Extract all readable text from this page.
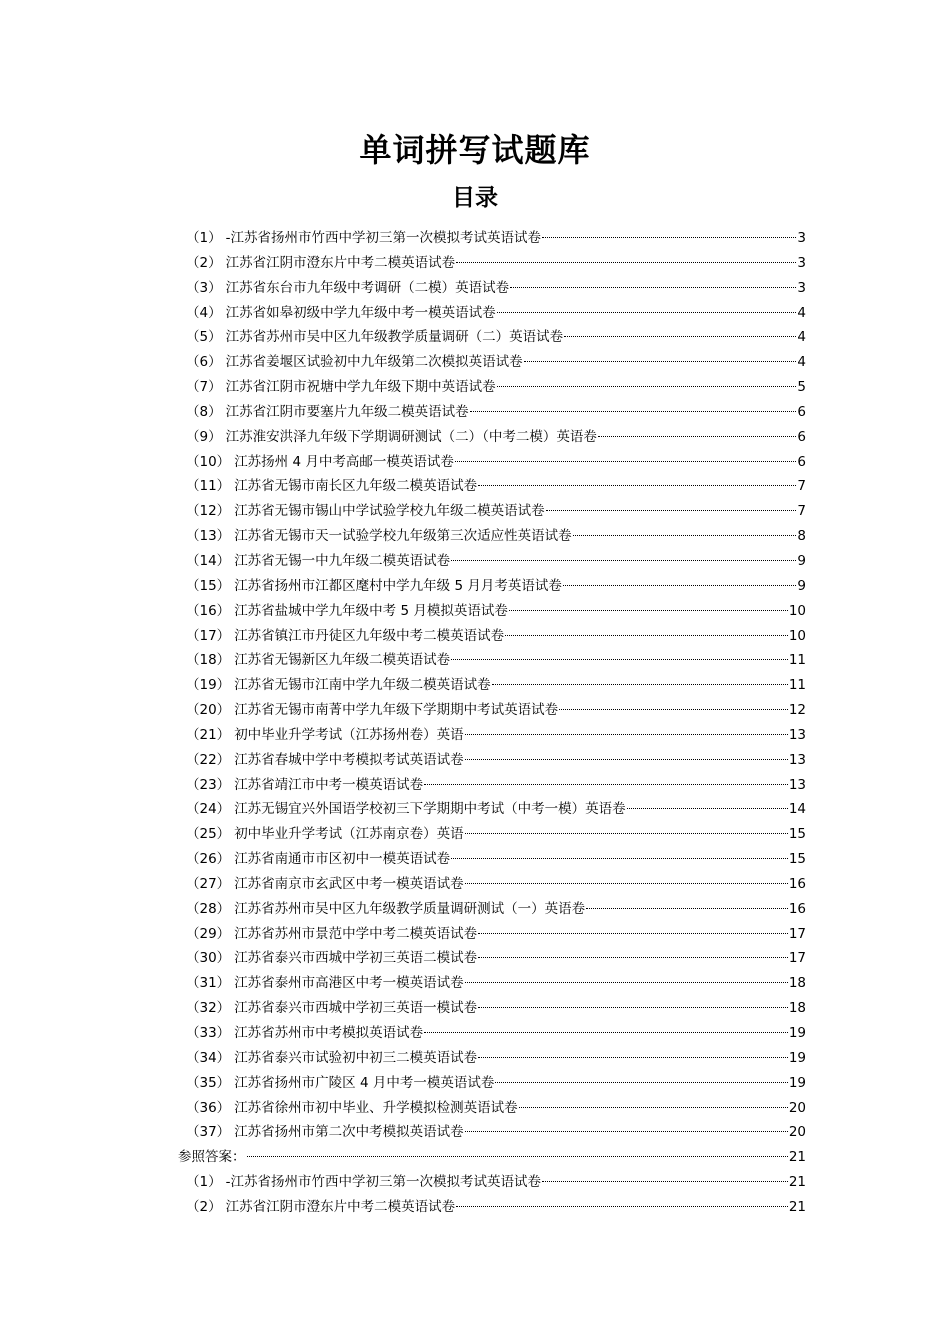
单词拼写试题库
目录
（1） -江苏省扬州市竹西中学初三第一次模拟考试英语试卷	3
（2） 江苏省江阴市澄东片中考二模英语试卷	3
（3） 江苏省东台市九年级中考调研（二模）英语试卷	3
（4） 江苏省如皋初级中学九年级中考一模英语试卷	4
（5） 江苏省苏州市吴中区九年级教学质量调研（二）英语试卷	4
（6） 江苏省姜堰区试验初中九年级第二次模拟英语试卷	4
（7） 江苏省江阴市祝塘中学九年级下期中英语试卷	5
（8） 江苏省江阴市要塞片九年级二模英语试卷	6
（9） 江苏淮安洪泽九年级下学期调研测试（二）（中考二模）英语卷	6
（10） 江苏扬州 4 月中考高邮一模英语试卷	6
（11） 江苏省无锡市南长区九年级二模英语试卷	7
（12） 江苏省无锡市锡山中学试验学校九年级二模英语试卷	7
（13） 江苏省无锡市天一试验学校九年级第三次适应性英语试卷	8
（14） 江苏省无锡一中九年级二模英语试卷	9
（15） 江苏省扬州市江都区麾村中学九年级 5 月月考英语试卷	9
（16） 江苏省盐城中学九年级中考 5 月模拟英语试卷	10
（17） 江苏省镇江市丹徒区九年级中考二模英语试卷	10
（18） 江苏省无锡新区九年级二模英语试卷	11
（19） 江苏省无锡市江南中学九年级二模英语试卷	11
（20） 江苏省无锡市南菁中学九年级下学期期中考试英语试卷	12
（21） 初中毕业升学考试（江苏扬州卷）英语	13
（22） 江苏省春城中学中考模拟考试英语试卷	13
（23） 江苏省靖江市中考一模英语试卷	13
（24） 江苏无锡宜兴外国语学校初三下学期期中考试（中考一模）英语卷	14
（25） 初中毕业升学考试（江苏南京卷）英语	15
（26） 江苏省南通市市区初中一模英语试卷	15
（27） 江苏省南京市玄武区中考一模英语试卷	16
（28） 江苏省苏州市吴中区九年级教学质量调研测试（一）英语卷	16
（29） 江苏省苏州市景范中学中考二模英语试卷	17
（30） 江苏省泰兴市西城中学初三英语二模试卷	17
（31） 江苏省泰州市高港区中考一模英语试卷	18
（32） 江苏省泰兴市西城中学初三英语一模试卷	18
（33） 江苏省苏州市中考模拟英语试卷	19
（34） 江苏省泰兴市试验初中初三二模英语试卷	19
（35） 江苏省扬州市广陵区 4 月中考一模英语试卷	19
（36） 江苏省徐州市初中毕业、升学模拟检测英语试卷	20
（37） 江苏省扬州市第二次中考模拟英语试卷	20
参照答案：	21
（1） -江苏省扬州市竹西中学初三第一次模拟考试英语试卷	21
（2） 江苏省江阴市澄东片中考二模英语试卷	21
